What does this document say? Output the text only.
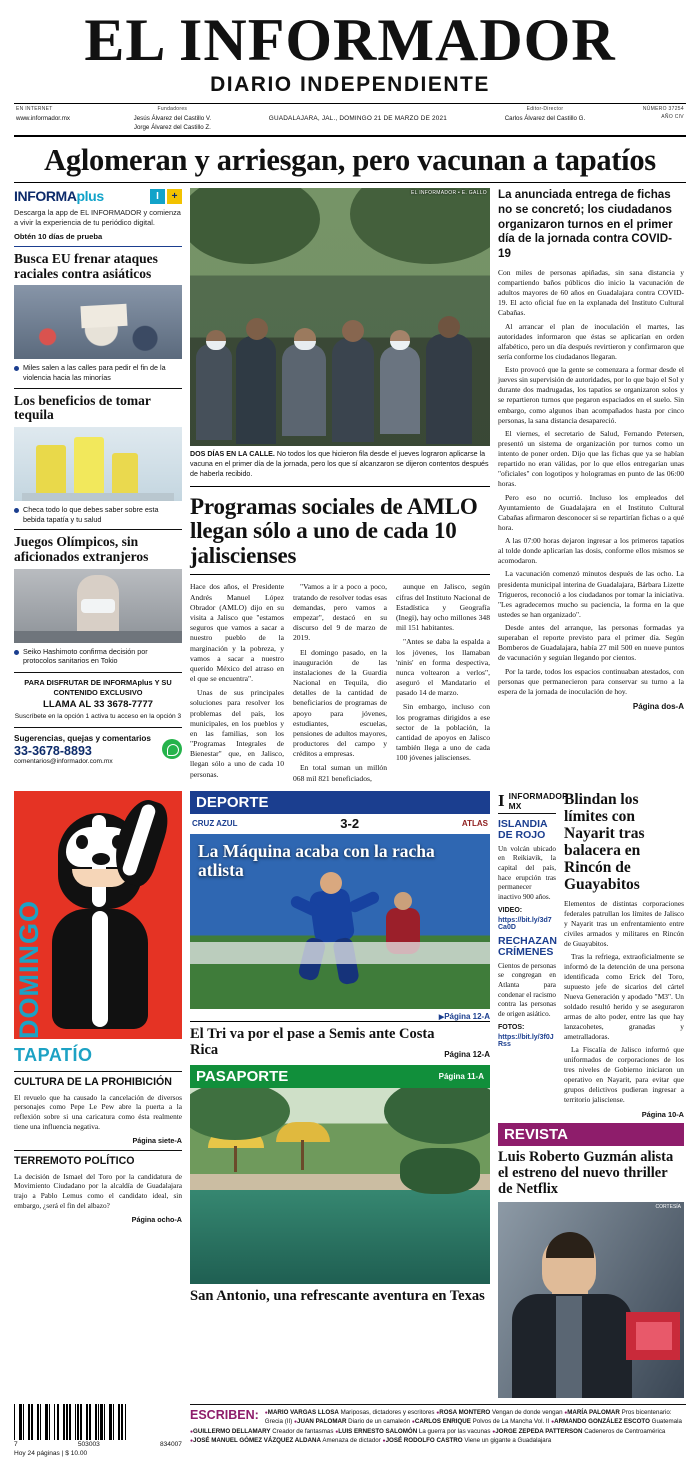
EL INFORMADOR
DIARIO INDEPENDIENTE
EN INTERNET
www.informador.mx
Fundadores
Jesús Álvarez del Castillo V.
Jorge Álvarez del Castillo Z.
GUADALAJARA, JAL., DOMINGO 21 DE MARZO DE 2021
Editor-Director
Carlos Álvarez del Castillo G.
NÚMERO 37254
AÑO CIV
Aglomeran y arriesgan, pero vacunan a tapatíos
INFORMAplus	I	+
Descarga la app de EL INFORMADOR y comienza a vivir la experiencia de tu periódico digital.
Obtén 10 días de prueba
Busca EU frenar ataques raciales contra asiáticos
Miles salen a las calles para pedir el fin de la violencia hacia las minorías
Los beneficios de tomar tequila
Checa todo lo que debes saber sobre esta bebida tapatía y tu salud
Juegos Olímpicos, sin aficionados extranjeros
Seiko Hashimoto confirma decisión por protocolos sanitarios en Tokio
PARA DISFRUTAR DE INFORMAplus Y SU CONTENIDO EXCLUSIVO
LLAMA AL 33 3678-7777
Suscríbete en la opción 1 activa tu acceso en la opción 3
Sugerencias, quejas y comentarios
33-3678-8893
comentarios@informador.com.mx
EL INFORMADOR • E. GALLO
DOS DÍAS EN LA CALLE. No todos los que hicieron fila desde el jueves lograron aplicarse la vacuna en el primer día de la jornada, pero los que sí alcanzaron se dijeron contentos después de haberla recibido.
Programas sociales de AMLO llegan sólo a uno de cada 10 jaliscienses

Hace dos años, el Presidente Andrés Manuel López Obrador (AMLO) dijo en su visita a Jalisco que "estamos seguros que vamos a sacar a nuestro pueblo de la marginación y la pobreza, y vamos a sacar a nuestro querido México del atraso en el que se encuentra".

Unas de sus principales soluciones para resolver los problemas del país, los municipales, en los pueblos y en las familias, son los "Programas Integrales de Bienestar" que, en Jalisco, llegan sólo a uno de cada 10 personas.

"Vamos a ir a poco a poco, tratando de resolver todas esas demandas, pero vamos a empezar", destacó en su discurso del 9 de marzo de 2019.

El domingo pasado, en la inauguración de las instalaciones de la Guardia Nacional en Tequila, dio detalles de la cantidad de beneficiarios de programas de apoyo para jóvenes, estudiantes, escuelas, pensiones de adultos mayores, productores del campo y créditos a empresas.

En total suman un millón 068 mil 821 beneficiados,

aunque en Jalisco, según cifras del Instituto Nacional de Estadística y Geografía (Inegi), hay ocho millones 348 mil 151 habitantes.

"Antes se daba la espalda a los jóvenes, los llamaban 'ninis' en forma despectiva, nunca voltearon a verlos", aseguró el Mandatario el pasado 14 de marzo.

Sin embargo, incluso con los programas dirigidos a ese sector de la población, la cantidad de apoyos en Jalisco también llega a uno de cada 100 jóvenes jaliscienses.

La anunciada entrega de fichas no se concretó; los ciudadanos organizaron turnos en el primer día de la jornada contra COVID-19

Con miles de personas apiñadas, sin sana distancia y compartiendo baños públicos dio inicio la vacunación de adultos mayores de 60 años en Guadalajara contra COVID-19. El acto oficial fue en la explanada del Instituto Cultural Cabañas.

Al arrancar el plan de inoculación el martes, las autoridades informaron que éstas se aplicarían en orden alfabético, pero un día después revirtieron y confirmaron que sería conforme los ciudadanos llegaran.

Esto provocó que la gente se comenzara a formar desde el jueves sin supervisión de autoridades, por lo que bajo el Sol y durante dos madrugadas, los tapatíos se organizaron solos y se repartieron turnos que pegaron espaciados en el suelo. Sin embargo, como algunos iban acompañados hasta por cinco personas, la sana distancia desapareció.

El viernes, el secretario de Salud, Fernando Petersen, presentó un sistema de organización por turnos como un intento de poner orden. Dijo que las fichas que ya se habían repartido no eran válidas, por lo que ellos entregarían unas "oficiales" con logotipos y hologramas en punto de las 06:00 horas.

Pero eso no ocurrió. Incluso los empleados del Ayuntamiento de Guadalajara en el Instituto Cultural Cabañas afirmaron desconocer si se repartirían fichas o a qué hora.

A las 07:00 horas dejaron ingresar a los primeros tapatíos al tolde donde aplicarían las dosis, conforme ellos mismos se acomodaron.

La vacunación comenzó minutos después de las ocho. La presidenta municipal interina de Guadalajara, Bárbara Lizette Trigueros, reconoció a los ciudadanos por tomar la iniciativa. "Les agradecemos mucho su paciencia, la forma en la que ustedes se han organizado".

Desde antes del arranque, las personas formadas ya superaban el reporte previsto para el primer día. Según Bomberos de Guadalajara, había 27 mil 500 en nueve puntos de vacunación y seguían llegando por cientos.

Por la tarde, todos los espacios continuaban atestados, con personas que permanecieron para conservar su turno a la espera de la jornada de inoculación de hoy.

Página dos-A
DOMINGO
TAPATÍO
CULTURA DE LA PROHIBICIÓN
El revuelo que ha causado la cancelación de diversos personajes como Pepe Le Pew abre la puerta a la reflexión sobre si una caricatura como ésta realmente tiene una influencia negativa.
Página siete-A
TERREMOTO POLÍTICO
La decisión de Ismael del Toro por la candidatura de Movimiento Ciudadano por la alcaldía de Guadalajara trajo a Pablo Lemus como el candidato ideal, sin embargo, ¿será el fin del albazo?
Página ocho-A
DEPORTE
CRUZ AZUL	3-2	ATLAS
La Máquina acaba con la racha atlista
▶ Página 12-A
El Tri va por el pase a Semis ante Costa Rica	Página 12-A
PASAPORTE	Página 11-A
San Antonio, una refrescante aventura en Texas
I INFORMADOR MX
ISLANDIA DE ROJO
Un volcán ubicado en Reikiavik, la capital del país, hace erupción tras permanecer inactivo 900 años.
VIDEO:
https://bit.ly/3d7Ca0D
RECHAZAN CRÍMENES
Cientos de personas se congregan en Atlanta para condenar el racismo contra las personas de origen asiático.
FOTOS:
https://bit.ly/3f0JRss
Blindan los límites con Nayarit tras balacera en Rincón de Guayabitos

Elementos de distintas corporaciones federales patrullan los límites de Jalisco y Nayarit tras un enfrentamiento entre civiles armados y militares en Rincón de Guayabitos.

Tras la refriega, extraoficialmente se informó de la detención de una persona identificada como Erick del Toro, supuesto jefe de sicarios del cártel Nueva Generación y apodado "M3". Un soldado resultó herido y se aseguraron armas de alto poder, entre las que hay lanzacohetes, granadas y ametralladoras.

La Fiscalía de Jalisco informó que uniformados de corporaciones de los tres niveles de Gobierno iniciaron un operativo en Nayarit, para evitar que grupos delictivos pudieran ingresar a territorio jalisciense.

Página 10-A
REVISTA
Luis Roberto Guzmán alista el estreno del nuevo thriller de Netflix
CORTESÍA
7	503003	834007
Hoy 24 páginas | $ 10.00
ESCRIBEN:	● MARIO VARGAS LLOSA Mariposas, dictadores y escritores ● ROSA MONTERO Vengan de donde vengan ● MARÍA PALOMAR Pros bicentenario: Grecia (II) ● JUAN PALOMAR Diario de un camaleón ● CARLOS ENRIQUE Polvos de La Mancha Vol. II ● ARMANDO GONZÁLEZ ESCOTO Guatemala ● GUILLERMO DELLAMARY Creador de fantasmas ● LUIS ERNESTO SALOMÓN La guerra por las vacunas ● JORGE ZEPEDA PATTERSON Cadeneros de Centroamérica ● JOSÉ MANUEL GÓMEZ VÁZQUEZ ALDANA Amenaza de dictador ● JOSÉ RODOLFO CASTRO Viene un gigante a Guadalajara
